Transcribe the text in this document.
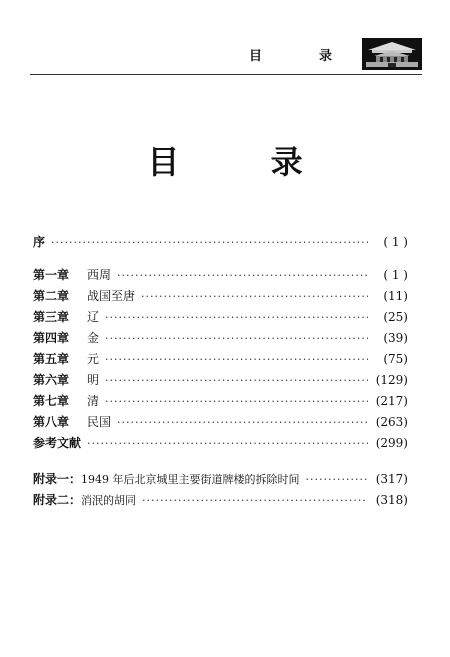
目　录
目 录
序 ·····	( 1 )
第一章	西周 ·····	( 1 )
第二章	战国至唐 ·····	(11)
第三章	辽 ·····	(25)
第四章	金 ·····	(39)
第五章	元 ·····	(75)
第六章	明 ·····	(129)
第七章	清 ·····	(217)
第八章	民国 ·····	(263)
参考文献 ·····	(299)
附录一： 1949 年后北京城里主要街道牌楼的拆除时间 ·····	(317)
附录二： 消泯的胡同 ·····	(318)
